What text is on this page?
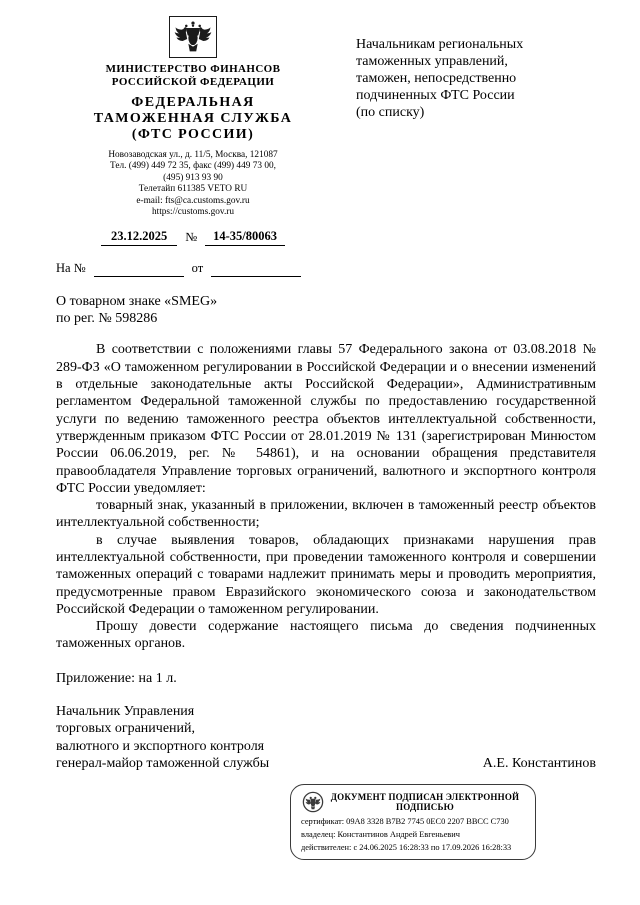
МИНИСТЕРСТВО ФИНАНСОВ
РОССИЙСКОЙ ФЕДЕРАЦИИ
ФЕДЕРАЛЬНАЯ
ТАМОЖЕННАЯ СЛУЖБА
(ФТС РОССИИ)
Новозаводская ул., д. 11/5, Москва, 121087
Тел. (499) 449 72 35, факс (499) 449 73 00,
(495) 913 93 90
Телетайп 611385 VETO RU
e-mail: fts@ca.customs.gov.ru
https://customs.gov.ru
23.12.2025	№	14-35/80063
На №	от
Начальникам региональных
таможенных управлений,
таможен, непосредственно
подчиненных ФТС России
(по списку)
О товарном знаке «SMEG»
по рег. № 598286

В соответствии с положениями главы 57 Федерального закона от 03.08.2018 № 289-ФЗ «О таможенном регулировании в Российской Федерации и о внесении изменений в отдельные законодательные акты Российской Федерации», Административным регламентом Федеральной таможенной службы по предоставлению государственной услуги по ведению таможенного реестра объектов интеллектуальной собственности, утвержденным приказом ФТС России от 28.01.2019 № 131 (зарегистрирован Минюстом России 06.06.2019, рег. № 54861), и на основании обращения представителя правообладателя Управление торговых ограничений, валютного и экспортного контроля ФТС России уведомляет:

товарный знак, указанный в приложении, включен в таможенный реестр объектов интеллектуальной собственности;

в случае выявления товаров, обладающих признаками нарушения прав интеллектуальной собственности, при проведении таможенного контроля и совершении таможенных операций с товарами надлежит принимать меры и проводить мероприятия, предусмотренные правом Евразийского экономического союза и законодательством Российской Федерации о таможенном регулировании.

Прошу довести содержание настоящего письма до сведения подчиненных таможенных органов.

Приложение: на 1 л.
Начальник Управления
торговых ограничений,
валютного и экспортного контроля
генерал-майор таможенной службы	А.Е. Константинов
ДОКУМЕНТ ПОДПИСАН ЭЛЕКТРОННОЙ
ПОДПИСЬЮ
сертификат: 09A8 3328 B7B2 7745 0EC0 2207 BBCC C730
владелец: Константинов Андрей Евгеньевич
действителен: с 24.06.2025 16:28:33 по 17.09.2026 16:28:33
